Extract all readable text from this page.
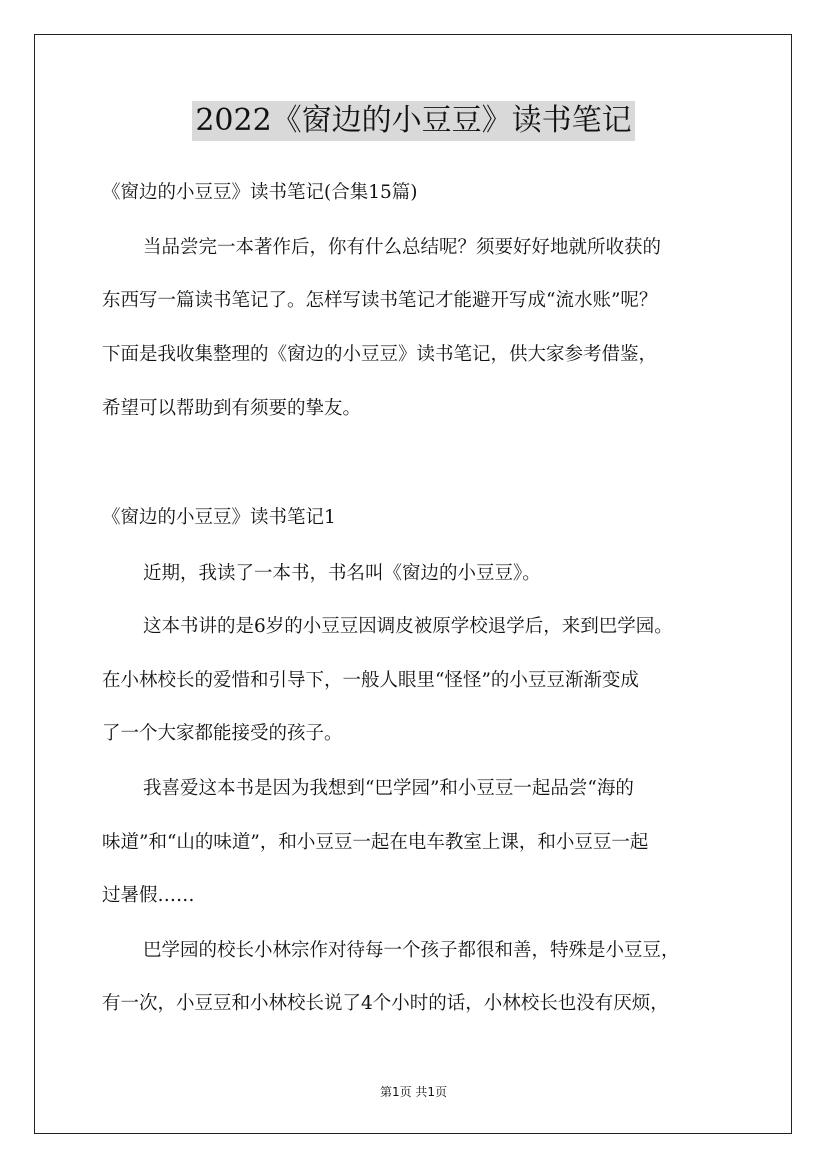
2022《窗边的小豆豆》读书笔记

《窗边的小豆豆》读书笔记(合集15篇)

当品尝完一本著作后，你有什么总结呢？须要好好地就所收获的

东西写一篇读书笔记了。怎样写读书笔记才能避开写成“流水账”呢？

下面是我收集整理的《窗边的小豆豆》读书笔记，供大家参考借鉴，

希望可以帮助到有须要的挚友。

《窗边的小豆豆》读书笔记1

近期，我读了一本书，书名叫《窗边的小豆豆》。

这本书讲的是6岁的小豆豆因调皮被原学校退学后，来到巴学园。

在小林校长的爱惜和引导下，一般人眼里“怪怪”的小豆豆渐渐变成

了一个大家都能接受的孩子。

我喜爱这本书是因为我想到“巴学园”和小豆豆一起品尝“海的

味道”和“山的味道”，和小豆豆一起在电车教室上课，和小豆豆一起

过暑假……

巴学园的校长小林宗作对待每一个孩子都很和善，特殊是小豆豆，

有一次，小豆豆和小林校长说了4个小时的话，小林校长也没有厌烦，

第1页 共1页
